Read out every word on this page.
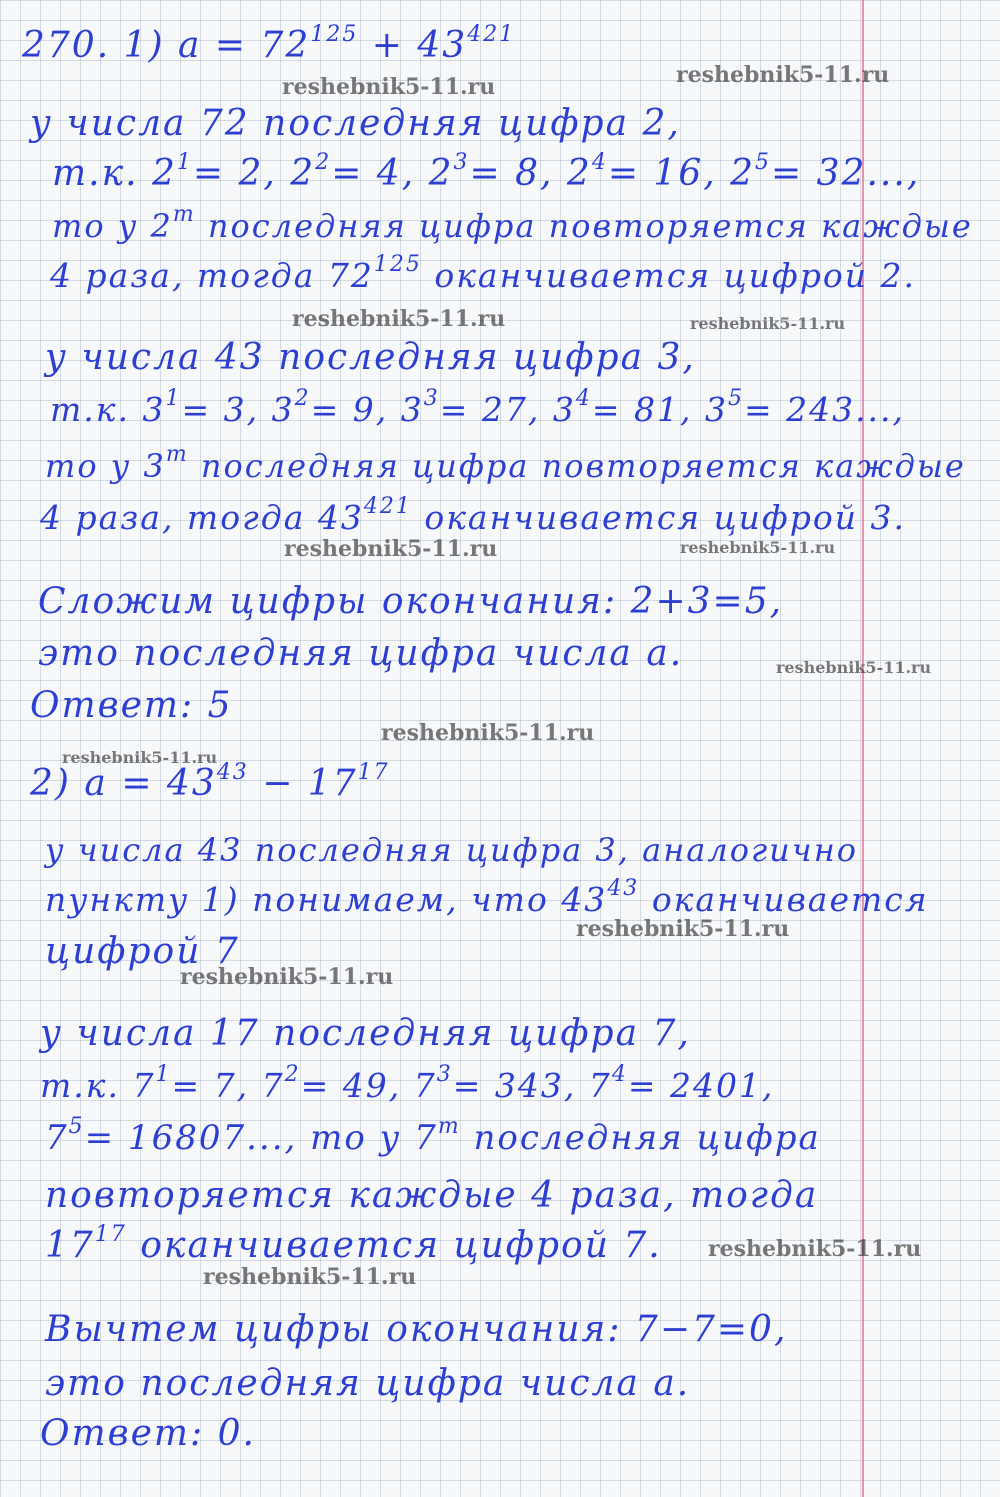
270. 1) $a = 72^{125} + 43^{421}$
у числа 72 последняя цифра 2,
т.к. $2^1= 2$, $2^2= 4$, $2^3= 8$, $2^4= 16$, $2^5= 32$...,
то у 2$^m$ последняя цифра повторяется каждые
4 раза, тогда $72^{125}$ оканчивается цифрой 2.
у числа 43 последняя цифра 3,
т.к. $3^1= 3$, $3^2= 9$, $3^3= 27$, $3^4= 81$, $3^5= 243$...,
то у 3$^m$ последняя цифра повторяется каждые
4 раза, тогда $43^{421}$ оканчивается цифрой 3.
Сложим цифры окончания: 2+3=5,
это последняя цифра числа a.
Ответ: 5
2) $a = 43^{43} - 17^{17}$
у числа 43 последняя цифра 3, аналогично
пункту 1) понимаем, что $43^{43}$ оканчивается
цифрой 7
у числа 17 последняя цифра 7,
т.к. $7^1= 7$, $7^2= 49$, $7^3= 343$, $7^4= 2401$,
$7^5= 16807$..., то у 7$^m$ последняя цифра
повторяется каждые 4 раза, тогда
$17^{17}$ оканчивается цифрой 7.
Вычтем цифры окончания: 7−7=0,
это последняя цифра числа a.
Ответ: 0.
reshebnik5-11.ru	reshebnik5-11.ru
reshebnik5-11.ru	reshebnik5-11.ru
reshebnik5-11.ru	reshebnik5-11.ru
reshebnik5-11.ru
reshebnik5-11.ru
reshebnik5-11.ru
reshebnik5-11.ru
reshebnik5-11.ru
reshebnik5-11.ru
reshebnik5-11.ru
